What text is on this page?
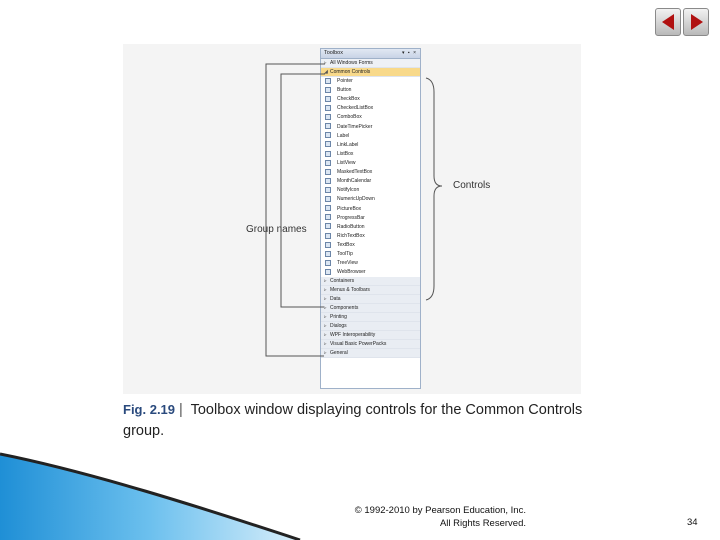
Toolbox	▾ ▪ ×
▹ All Windows Forms
◢ Common Controls
Pointer
Button
CheckBox
CheckedListBox
ComboBox
DateTimePicker
Label
LinkLabel
ListBox
ListView
MaskedTextBox
MonthCalendar
NotifyIcon
NumericUpDown
PictureBox
ProgressBar
RadioButton
RichTextBox
TextBox
ToolTip
TreeView
WebBrowser
▹ Containers
▹ Menus & Toolbars
▹ Data
▹ Components
▹ Printing
▹ Dialogs
▹ WPF Interoperability
▹ Visual Basic PowerPacks
▹ General
Group names
Controls
Fig. 2.19 | Toolbox window displaying controls for the Common Controls group.
© 1992-2010 by Pearson Education, Inc.
All Rights Reserved.	34
